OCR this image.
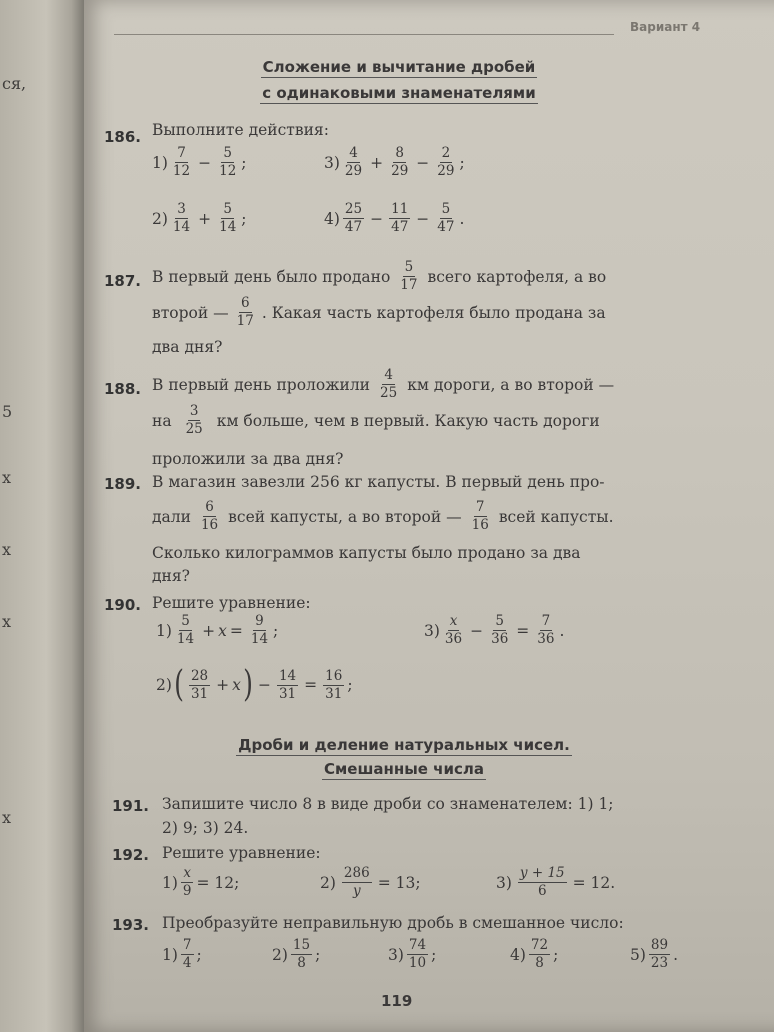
ся,
5
х
х
х
х
Вариант 4
Сложение и вычитание дробей
с одинаковыми знаменателями
186. Выполните действия:
$1) \frac{7}{12} - \frac{5}{12}$ ;
$2) \frac{3}{14} + \frac{5}{14}$ ;
$3) \frac{4}{29} + \frac{8}{29} - \frac{2}{29}$ ;
$4) \frac{25}{47} - \frac{11}{47} - \frac{5}{47}$ .
187. В первый день было продано $\frac{5}{17}$ всего картофеля, а во
второй — $\frac{6}{17}$ . Какая часть картофеля было продана за
два дня?
188. В первый день проложили $\frac{4}{25}$ км дороги, а во второй —
на $\frac{3}{25}$ км больше, чем в первый. Какую часть дороги
проложили за два дня?
189. В магазин завезли 256 кг капусты. В первый день про-
дали $\frac{6}{16}$ всей капусты, а во второй — $\frac{7}{16}$ всей капусты.
Сколько килограммов капусты было продано за два
дня?
190. Решите уравнение:
$1) \frac{5}{14} + x = \frac{9}{14}$ ;	$3) \frac{x}{36} - \frac{5}{36} = \frac{7}{36}$ .
2) ( $\frac{28}{31} + x$ ) − $\frac{14}{31} = \frac{16}{31}$ ;
Дроби и деление натуральных чисел.
Смешанные числа
191. Запишите число 8 в виде дроби со знаменателем: 1) 1;
2) 9; 3) 24.
192. Решите уравнение:
$1) \frac{x}{9} = 12$;	$2) \frac{286}{y} = 13$;	$3) \frac{y + 15}{6} = 12$.
193. Преобразуйте неправильную дробь в смешанное число:
$1) \frac{7}{4}$ ;	$2) \frac{15}{8}$ ;	$3) \frac{74}{10}$ ;	$4) \frac{72}{8}$ ;	$5) \frac{89}{23}$ .
119
